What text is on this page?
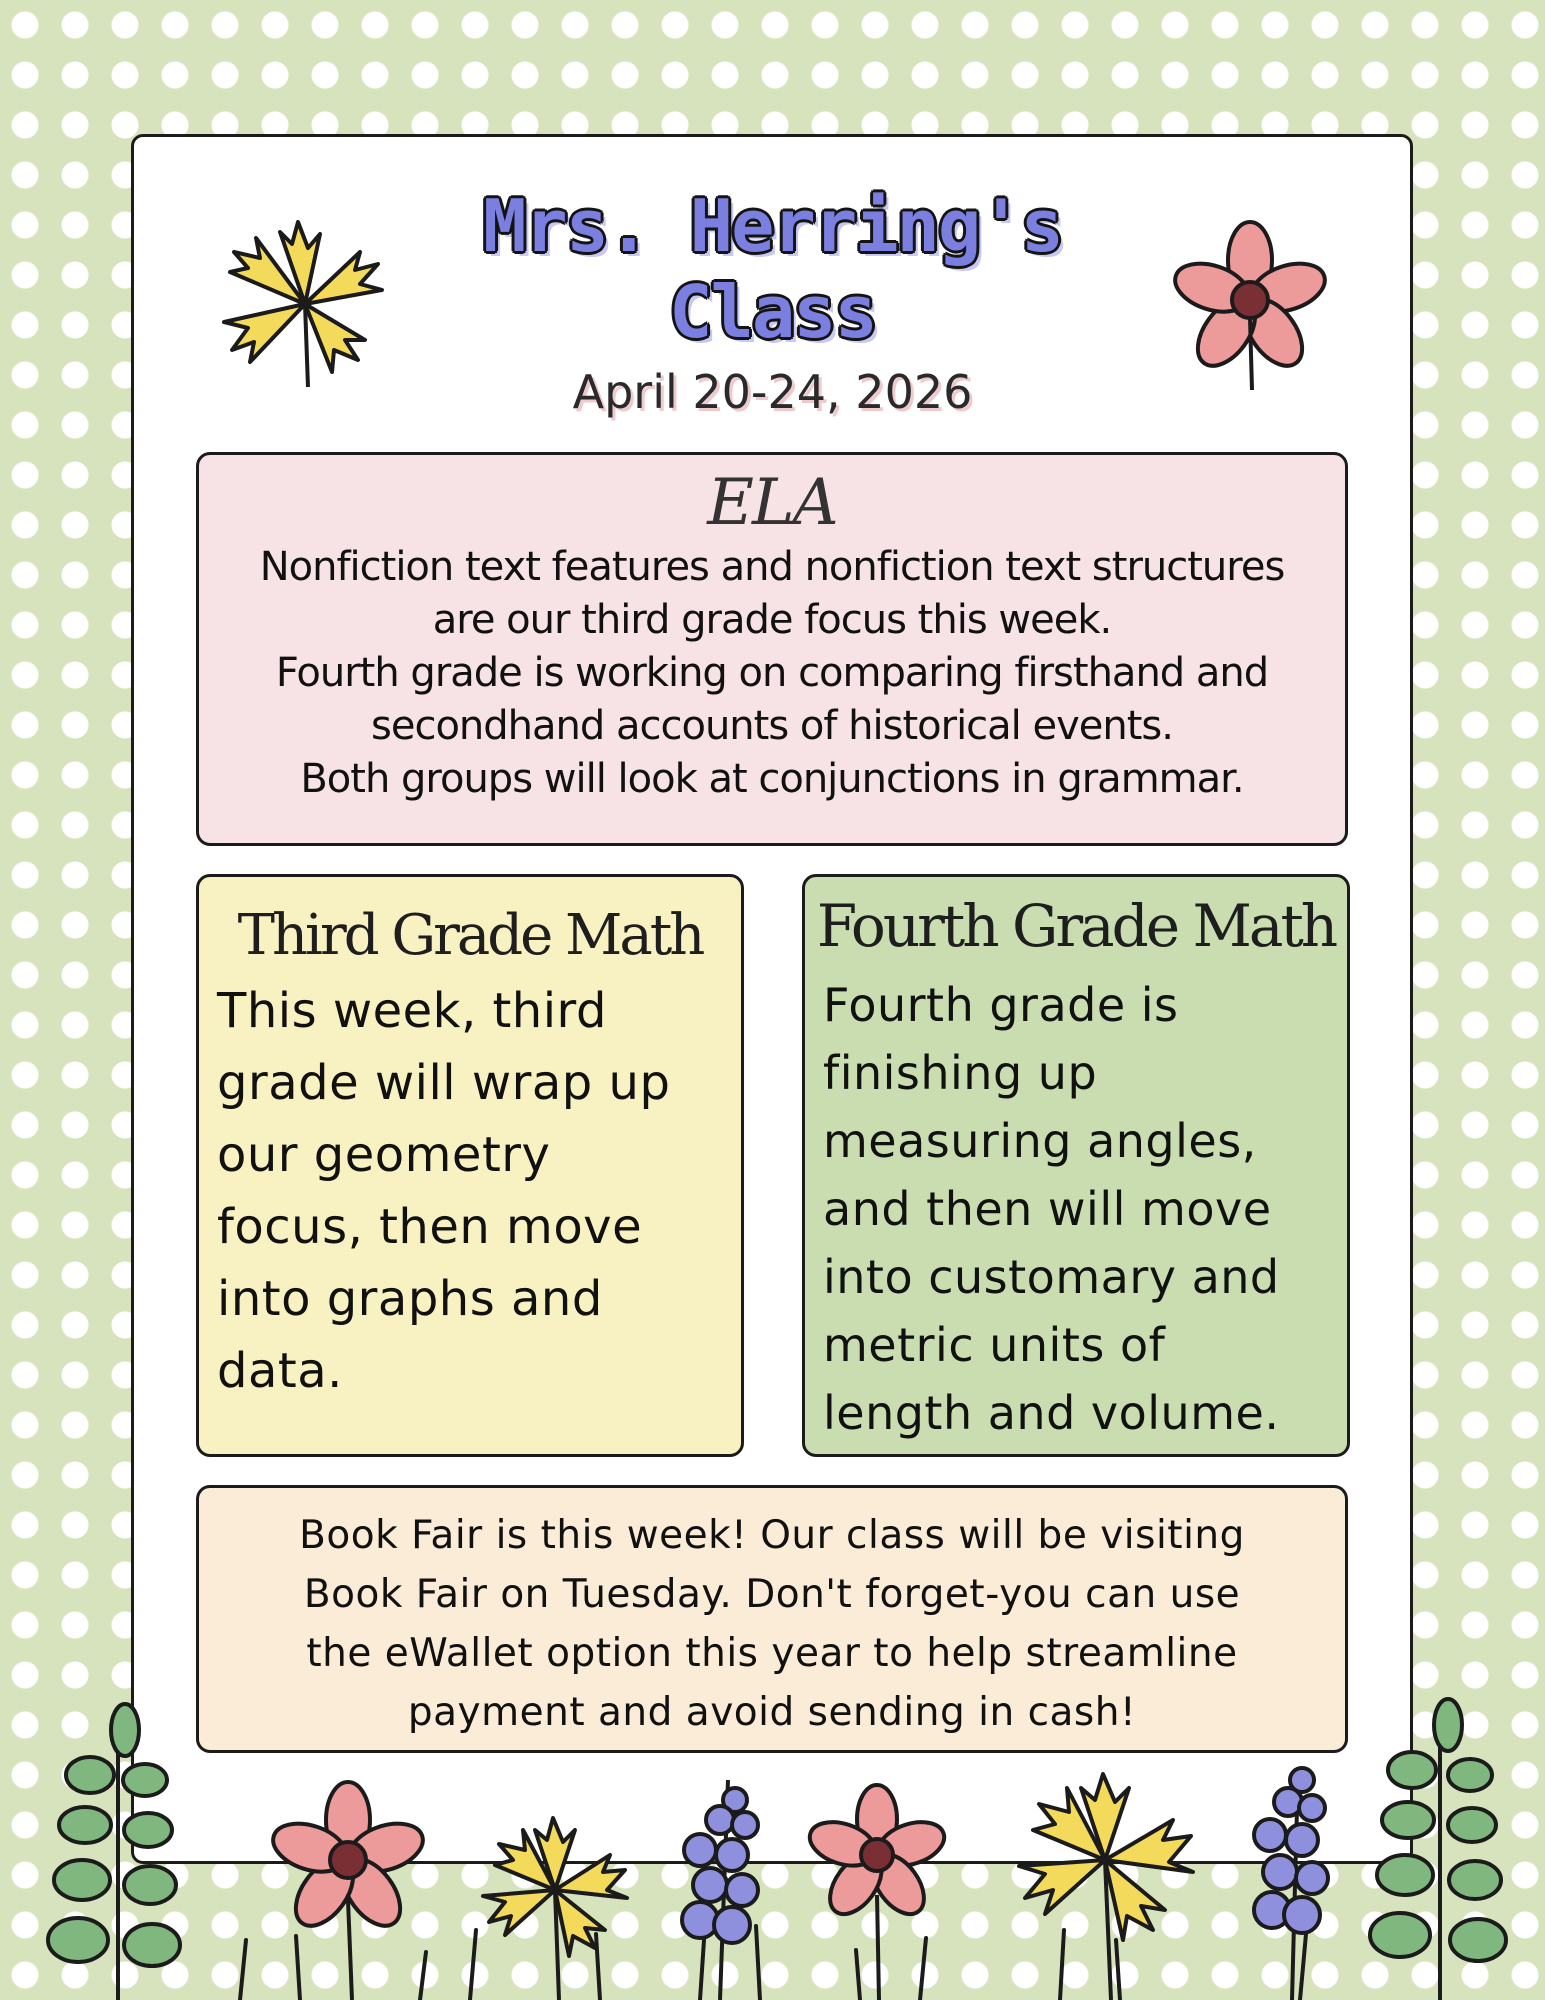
Mrs. Herring's
Class
April 20-24, 2026
ELA
Nonfiction text features and nonfiction text structures
are our third grade focus this week.
Fourth grade is working on comparing firsthand and
secondhand accounts of historical events.
Both groups will look at conjunctions in grammar.
Third Grade Math
This week, third
grade will wrap up
our geometry
focus, then move
into graphs and
data.
Fourth Grade Math
Fourth grade is
finishing up
measuring angles,
and then will move
into customary and
metric units of
length and volume.
Book Fair is this week! Our class will be visiting
Book Fair on Tuesday. Don't forget-you can use
the eWallet option this year to help streamline
payment and avoid sending in cash!
